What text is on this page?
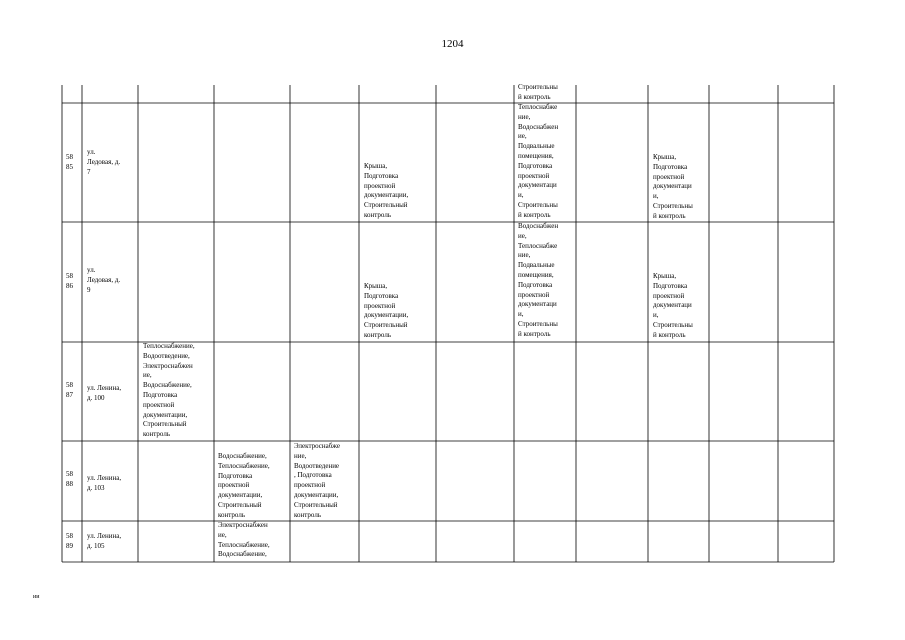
1204
Строительны
й контроль
58
85
ул.
Ледовая, д.
7
Крыша,
Подготовка
проектной
документации,
Строительный
контроль
Теплоснабже
ние,
Водоснабжен
ие,
Подвальные
помещения,
Подготовка
проектной
документаци
и,
Строительны
й контроль
Крыша,
Подготовка
проектной
документаци
и,
Строительны
й контроль
58
86
ул.
Ледовая, д.
9	Крыша,
Подготовка
проектной
документации,
Строительный
контроль
Водоснабжен
ие,
Теплоснабже
ние,
Подвальные
помещения,
Подготовка
проектной
документаци
и,
Строительны
й контроль
Крыша,
Подготовка
проектной
документаци
и,
Строительны
й контроль
58
87
ул. Ленина,
д. 100
Теплоснабжение,
Водоотведение,
Электроснабжен
ие,
Водоснабжение,
Подготовка
проектной
документации,
Строительный
контроль
58
88
ул. Ленина,
д. 103
Водоснабжение,
Теплоснабжение,
Подготовка
проектной
документации,
Строительный
контроль
Электроснабже
ние,
Водоотведение
, Подготовка
проектной
документации,
Строительный
контроль
58
89
ул. Ленина,
д. 105
Электроснабжен
ие,
Теплоснабжение,
Водоснабжение,
ии
